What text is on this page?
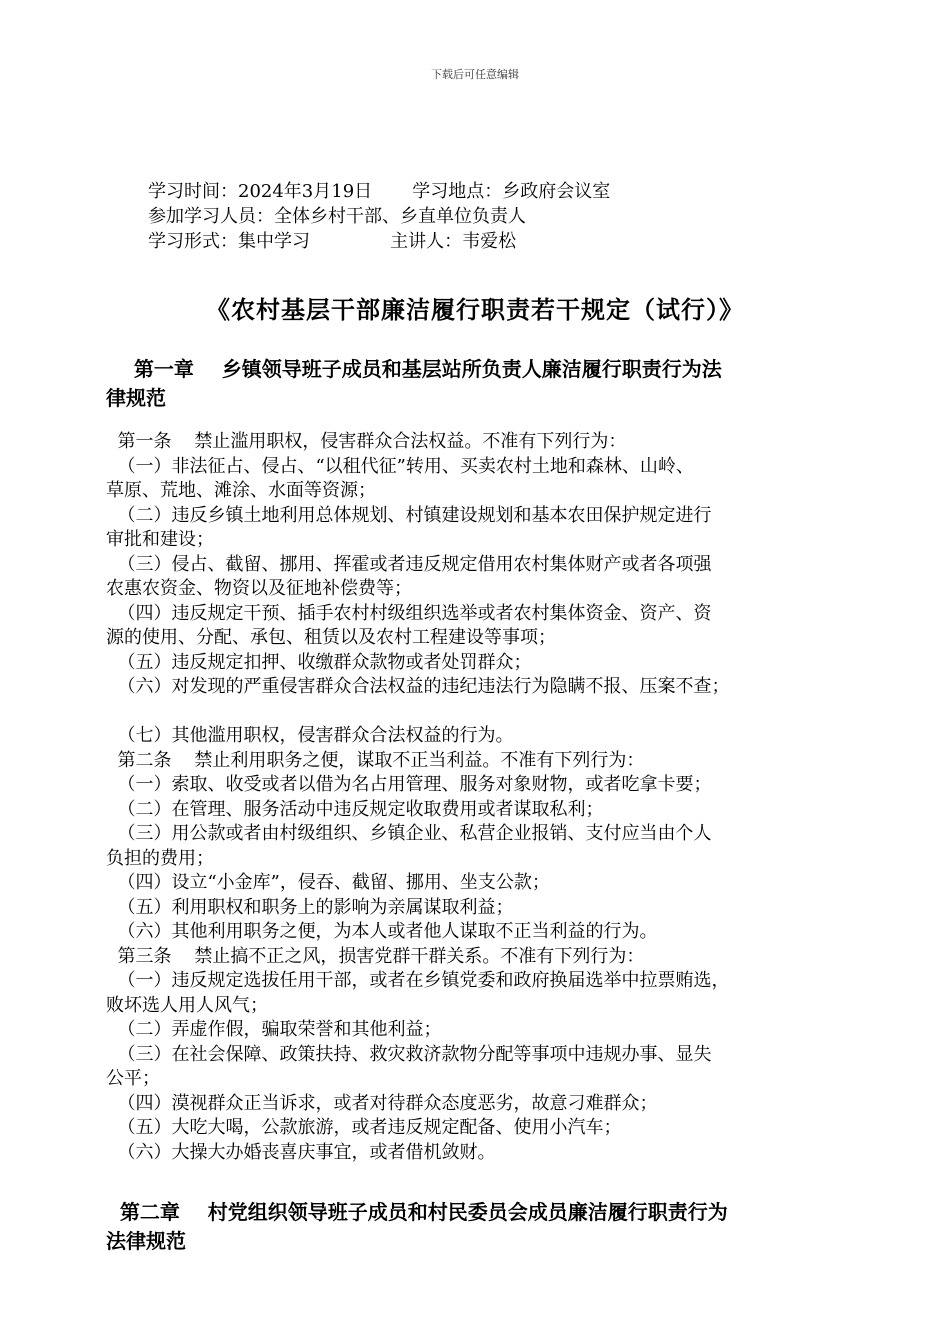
下载后可任意编辑
学习时间：2024年3月19日       学习地点：乡政府会议室
参加学习人员：全体乡村干部、乡直单位负责人
学习形式：集中学习              主讲人：韦爱松
《农村基层干部廉洁履行职责若干规定（试行）》
第一章    乡镇领导班子成员和基层站所负责人廉洁履行职责行为法
律规范

第一条    禁止滥用职权，侵害群众合法权益。不准有下列行为：

（一）非法征占、侵占、“以租代征”转用、买卖农村土地和森林、山岭、

草原、荒地、滩涂、水面等资源；

（二）违反乡镇土地利用总体规划、村镇建设规划和基本农田保护规定进行

审批和建设；

（三）侵占、截留、挪用、挥霍或者违反规定借用农村集体财产或者各项强

农惠农资金、物资以及征地补偿费等；

（四）违反规定干预、插手农村村级组织选举或者农村集体资金、资产、资

源的使用、分配、承包、租赁以及农村工程建设等事项；

（五）违反规定扣押、收缴群众款物或者处罚群众；

（六）对发现的严重侵害群众合法权益的违纪违法行为隐瞒不报、压案不查；

（七）其他滥用职权，侵害群众合法权益的行为。

第二条    禁止利用职务之便，谋取不正当利益。不准有下列行为：

（一）索取、收受或者以借为名占用管理、服务对象财物，或者吃拿卡要；

（二）在管理、服务活动中违反规定收取费用或者谋取私利；

（三）用公款或者由村级组织、乡镇企业、私营企业报销、支付应当由个人

负担的费用；

（四）设立“小金库”，侵吞、截留、挪用、坐支公款；

（五）利用职权和职务上的影响为亲属谋取利益；

（六）其他利用职务之便，为本人或者他人谋取不正当利益的行为。

第三条    禁止搞不正之风，损害党群干群关系。不准有下列行为：

（一）违反规定选拔任用干部，或者在乡镇党委和政府换届选举中拉票贿选，

败坏选人用人风气；

（二）弄虚作假，骗取荣誉和其他利益；

（三）在社会保障、政策扶持、救灾救济款物分配等事项中违规办事、显失

公平；

（四）漠视群众正当诉求，或者对待群众态度恶劣，故意刁难群众；

（五）大吃大喝，公款旅游，或者违反规定配备、使用小汽车；

（六）大操大办婚丧喜庆事宜，或者借机敛财。

第二章    村党组织领导班子成员和村民委员会成员廉洁履行职责行为
法律规范
